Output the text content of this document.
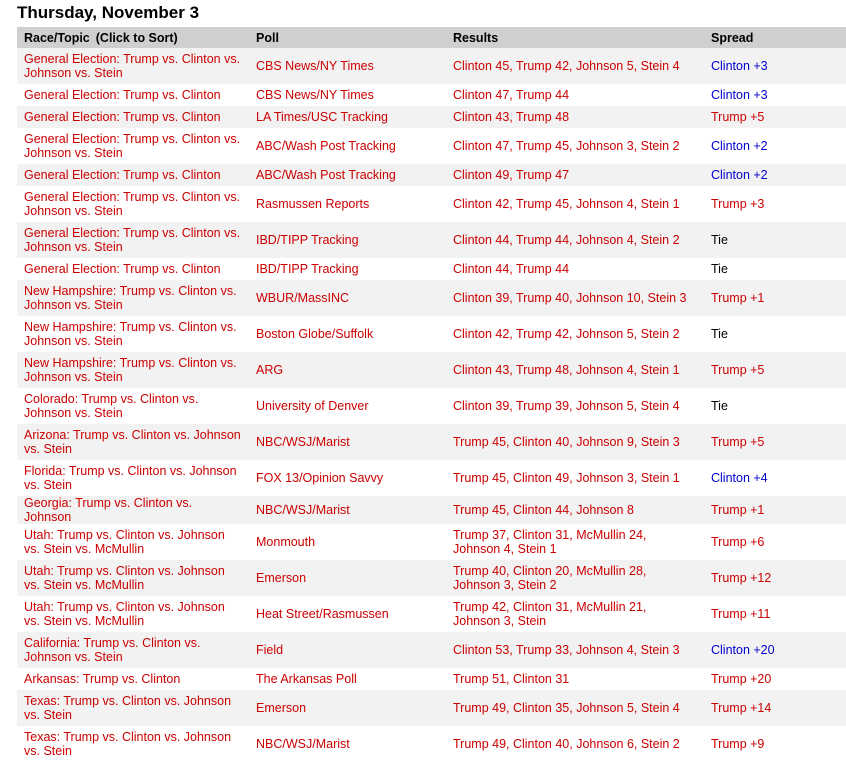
Thursday, November 3
Race/Topic (Click to Sort)	Poll	Results	Spread
General Election: Trump vs. Clinton vs. Johnson vs. Stein	CBS News/NY Times	Clinton 45, Trump 42, Johnson 5, Stein 4	Clinton +3
General Election: Trump vs. Clinton	CBS News/NY Times	Clinton 47, Trump 44	Clinton +3
General Election: Trump vs. Clinton	LA Times/USC Tracking	Clinton 43, Trump 48	Trump +5
General Election: Trump vs. Clinton vs. Johnson vs. Stein	ABC/Wash Post Tracking	Clinton 47, Trump 45, Johnson 3, Stein 2	Clinton +2
General Election: Trump vs. Clinton	ABC/Wash Post Tracking	Clinton 49, Trump 47	Clinton +2
General Election: Trump vs. Clinton vs. Johnson vs. Stein	Rasmussen Reports	Clinton 42, Trump 45, Johnson 4, Stein 1	Trump +3
General Election: Trump vs. Clinton vs. Johnson vs. Stein	IBD/TIPP Tracking	Clinton 44, Trump 44, Johnson 4, Stein 2	Tie
General Election: Trump vs. Clinton	IBD/TIPP Tracking	Clinton 44, Trump 44	Tie
New Hampshire: Trump vs. Clinton vs. Johnson vs. Stein	WBUR/MassINC	Clinton 39, Trump 40, Johnson 10, Stein 3	Trump +1
New Hampshire: Trump vs. Clinton vs. Johnson vs. Stein	Boston Globe/Suffolk	Clinton 42, Trump 42, Johnson 5, Stein 2	Tie
New Hampshire: Trump vs. Clinton vs. Johnson vs. Stein	ARG	Clinton 43, Trump 48, Johnson 4, Stein 1	Trump +5
Colorado: Trump vs. Clinton vs. Johnson vs. Stein	University of Denver	Clinton 39, Trump 39, Johnson 5, Stein 4	Tie
Arizona: Trump vs. Clinton vs. Johnson vs. Stein	NBC/WSJ/Marist	Trump 45, Clinton 40, Johnson 9, Stein 3	Trump +5
Florida: Trump vs. Clinton vs. Johnson vs. Stein	FOX 13/Opinion Savvy	Trump 45, Clinton 49, Johnson 3, Stein 1	Clinton +4
Georgia: Trump vs. Clinton vs. Johnson	NBC/WSJ/Marist	Trump 45, Clinton 44, Johnson 8	Trump +1
Utah: Trump vs. Clinton vs. Johnson vs. Stein vs. McMullin	Monmouth	Trump 37, Clinton 31, McMullin 24, Johnson 4, Stein 1	Trump +6
Utah: Trump vs. Clinton vs. Johnson vs. Stein vs. McMullin	Emerson	Trump 40, Clinton 20, McMullin 28, Johnson 3, Stein 2	Trump +12
Utah: Trump vs. Clinton vs. Johnson vs. Stein vs. McMullin	Heat Street/Rasmussen	Trump 42, Clinton 31, McMullin 21, Johnson 3, Stein	Trump +11
California: Trump vs. Clinton vs. Johnson vs. Stein	Field	Clinton 53, Trump 33, Johnson 4, Stein 3	Clinton +20
Arkansas: Trump vs. Clinton	The Arkansas Poll	Trump 51, Clinton 31	Trump +20
Texas: Trump vs. Clinton vs. Johnson vs. Stein	Emerson	Trump 49, Clinton 35, Johnson 5, Stein 4	Trump +14
Texas: Trump vs. Clinton vs. Johnson vs. Stein	NBC/WSJ/Marist	Trump 49, Clinton 40, Johnson 6, Stein 2	Trump +9
